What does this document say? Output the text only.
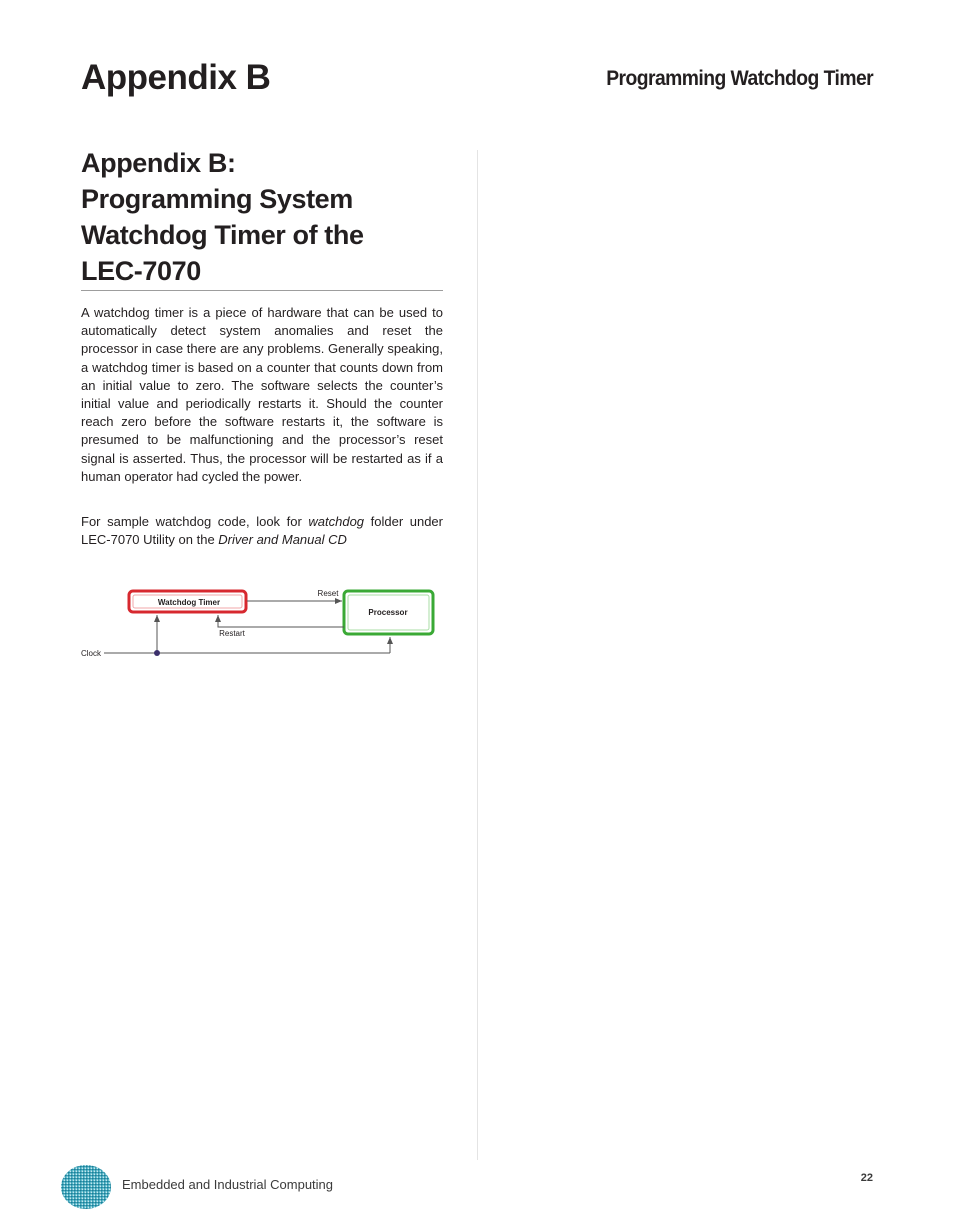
Appendix B	Programming Watchdog Timer
Appendix B:
Programming System
Watchdog Timer of the
LEC-7070

A watchdog timer is a piece of hardware that can be used to automatically detect system anomalies and reset the processor in case there are any problems. Generally speaking, a watchdog timer is based on a counter that counts down from an initial value to zero. The software selects the counter’s initial value and periodically restarts it. Should the counter reach zero before the software restarts it, the software is presumed to be malfunctioning and the processor’s reset signal is asserted. Thus, the processor will be restarted as if a human operator had cycled the power.

For sample watchdog code, look for watchdog folder under LEC-7070 Utility on the Driver and Manual CD

Watchdog Timer
Processor
Reset
Restart
Clock
Embedded and Industrial Computing	22
